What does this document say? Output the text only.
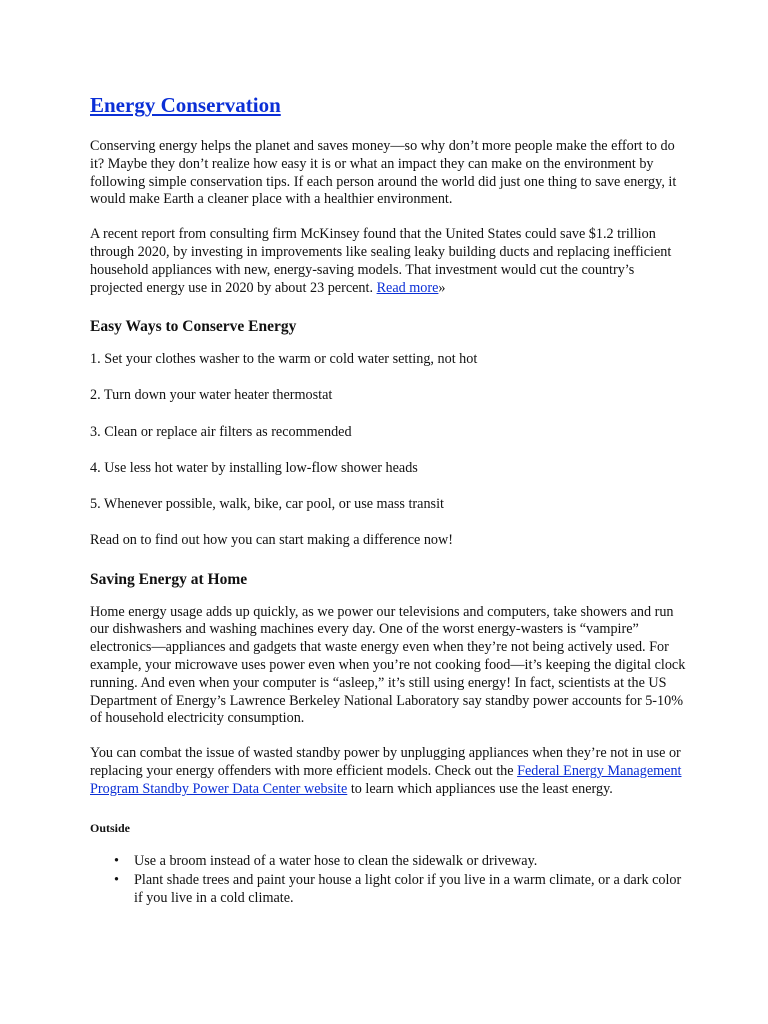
Energy Conservation

Conserving energy helps the planet and saves money—so why don’t more people make the effort to do it? Maybe they don’t realize how easy it is or what an impact they can make on the environment by following simple conservation tips. If each person around the world did just one thing to save energy, it would make Earth a cleaner place with a healthier environment.

A recent report from consulting firm McKinsey found that the United States could save $1.2 trillion through 2020, by investing in improvements like sealing leaky building ducts and replacing inefficient household appliances with new, energy-saving models. That investment would cut the country’s projected energy use in 2020 by about 23 percent. Read more»

Easy Ways to Conserve Energy

1. Set your clothes washer to the warm or cold water setting, not hot

2. Turn down your water heater thermostat

3. Clean or replace air filters as recommended

4. Use less hot water by installing low-flow shower heads

5. Whenever possible, walk, bike, car pool, or use mass transit

Read on to find out how you can start making a difference now!

Saving Energy at Home

Home energy usage adds up quickly, as we power our televisions and computers, take showers and run our dishwashers and washing machines every day. One of the worst energy-wasters is “vampire” electronics—appliances and gadgets that waste energy even when they’re not being actively used. For example, your microwave uses power even when you’re not cooking food—it’s keeping the digital clock running. And even when your computer is “asleep,” it’s still using energy! In fact, scientists at the US Department of Energy’s Lawrence Berkeley National Laboratory say standby power accounts for 5-10% of household electricity consumption.

You can combat the issue of wasted standby power by unplugging appliances when they’re not in use or replacing your energy offenders with more efficient models. Check out the Federal Energy Management Program Standby Power Data Center website to learn which appliances use the least energy.

Outside
• Use a broom instead of a water hose to clean the sidewalk or driveway.
• Plant shade trees and paint your house a light color if you live in a warm climate, or a dark color if you live in a cold climate.
